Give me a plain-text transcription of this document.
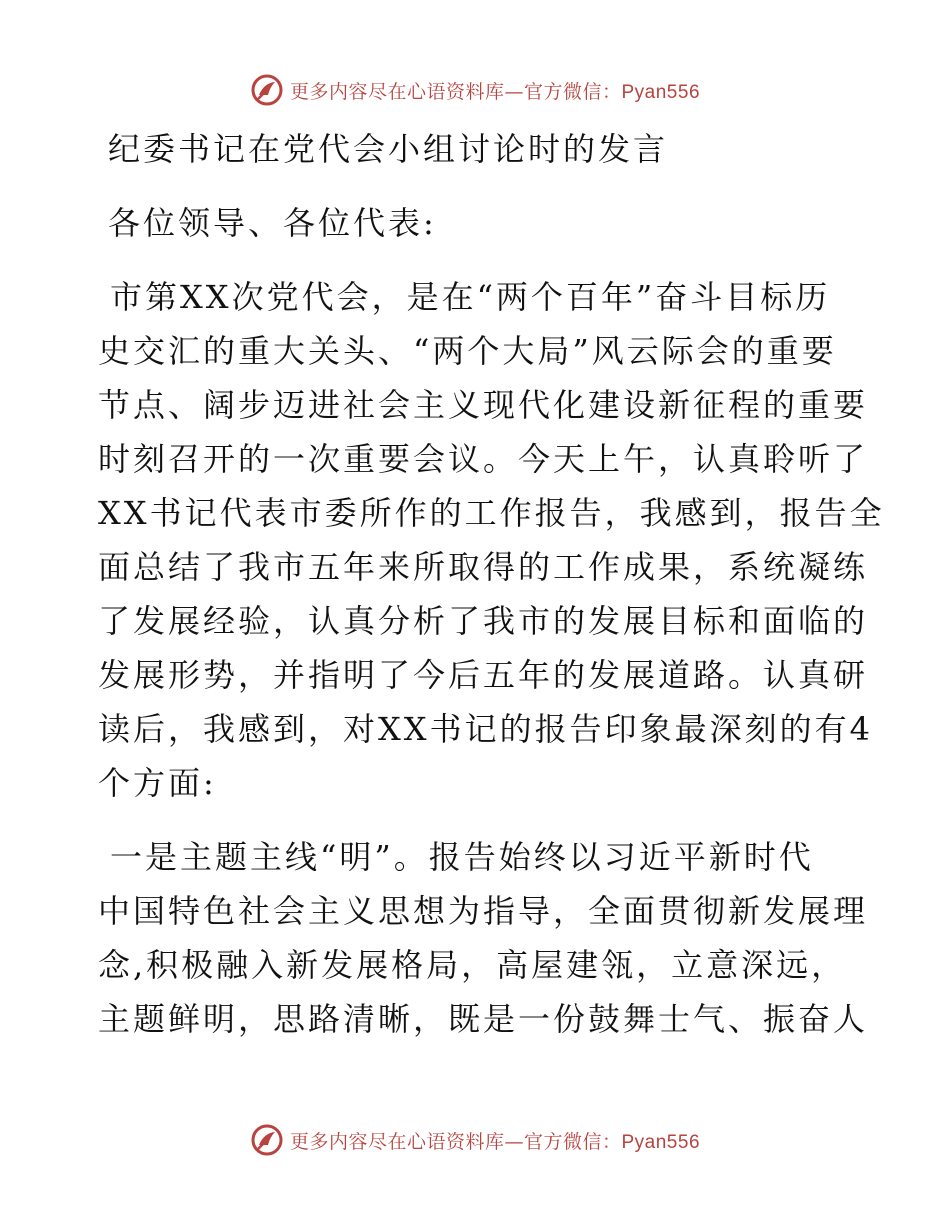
更多内容尽在心语资料库—官方微信：Pyan556
纪委书记在党代会小组讨论时的发言
各位领导、各位代表:
市第XX次党代会，是在“两个百年”奋斗目标历
史交汇的重大关头、“两个大局”风云际会的重要
节点、阔步迈进社会主义现代化建设新征程的重要
时刻召开的一次重要会议。今天上午，认真聆听了
XX书记代表市委所作的工作报告，我感到，报告全
面总结了我市五年来所取得的工作成果，系统凝练
了发展经验，认真分析了我市的发展目标和面临的
发展形势，并指明了今后五年的发展道路。认真研
读后，我感到，对XX书记的报告印象最深刻的有4
个方面:
一是主题主线“明”。报告始终以习近平新时代
中国特色社会主义思想为指导，全面贯彻新发展理
念,积极融入新发展格局，高屋建瓴，立意深远，
主题鲜明，思路清晰，既是一份鼓舞士气、振奋人
更多内容尽在心语资料库—官方微信：Pyan556
